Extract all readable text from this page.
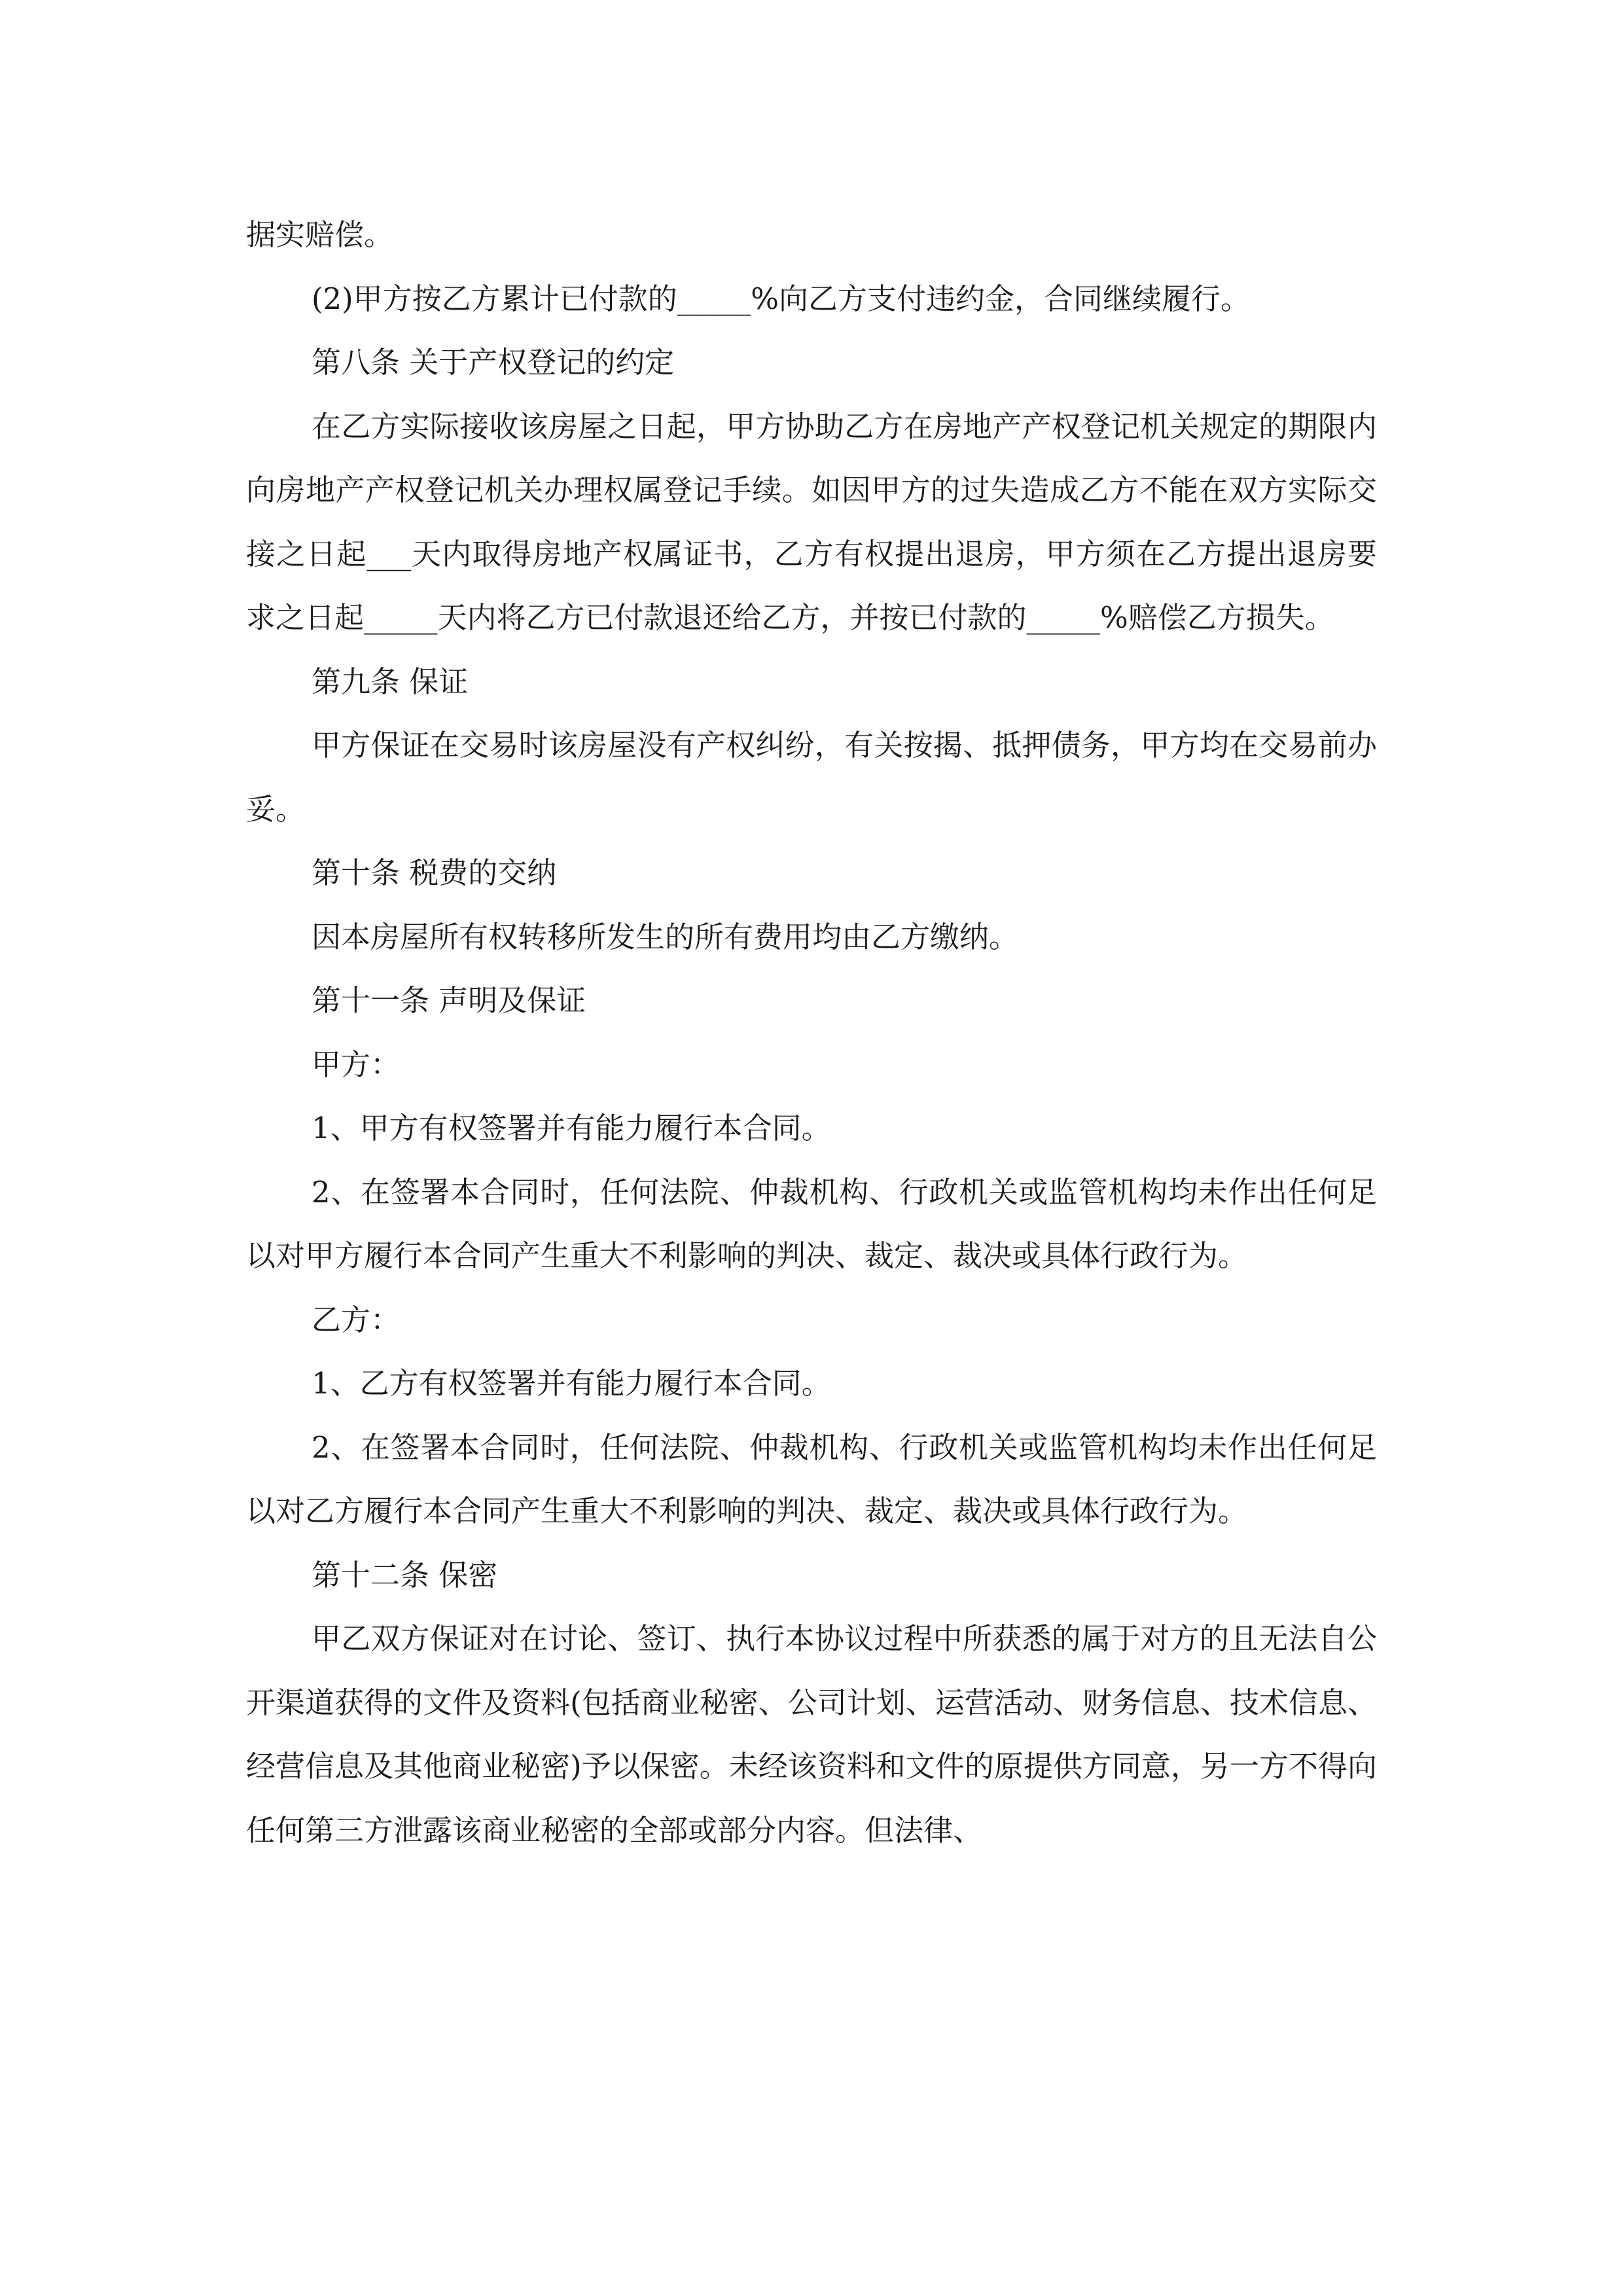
据实赔偿。

(2)甲方按乙方累计已付款的_____%向乙方支付违约金，合同继续履行。

第八条 关于产权登记的约定

在乙方实际接收该房屋之日起，甲方协助乙方在房地产产权登记机关规定的期限内向房地产产权登记机关办理权属登记手续。如因甲方的过失造成乙方不能在双方实际交接之日起___天内取得房地产权属证书，乙方有权提出退房，甲方须在乙方提出退房要求之日起_____天内将乙方已付款退还给乙方，并按已付款的_____%赔偿乙方损失。

第九条 保证

甲方保证在交易时该房屋没有产权纠纷，有关按揭、抵押债务，甲方均在交易前办妥。

第十条 税费的交纳

因本房屋所有权转移所发生的所有费用均由乙方缴纳。

第十一条 声明及保证

甲方：

1、甲方有权签署并有能力履行本合同。

2、在签署本合同时，任何法院、仲裁机构、行政机关或监管机构均未作出任何足以对甲方履行本合同产生重大不利影响的判决、裁定、裁决或具体行政行为。

乙方：

1、乙方有权签署并有能力履行本合同。

2、在签署本合同时，任何法院、仲裁机构、行政机关或监管机构均未作出任何足以对乙方履行本合同产生重大不利影响的判决、裁定、裁决或具体行政行为。

第十二条 保密

甲乙双方保证对在讨论、签订、执行本协议过程中所获悉的属于对方的且无法自公开渠道获得的文件及资料(包括商业秘密、公司计划、运营活动、财务信息、技术信息、经营信息及其他商业秘密)予以保密。未经该资料和文件的原提供方同意，另一方不得向任何第三方泄露该商业秘密的全部或部分内容。但法律、
